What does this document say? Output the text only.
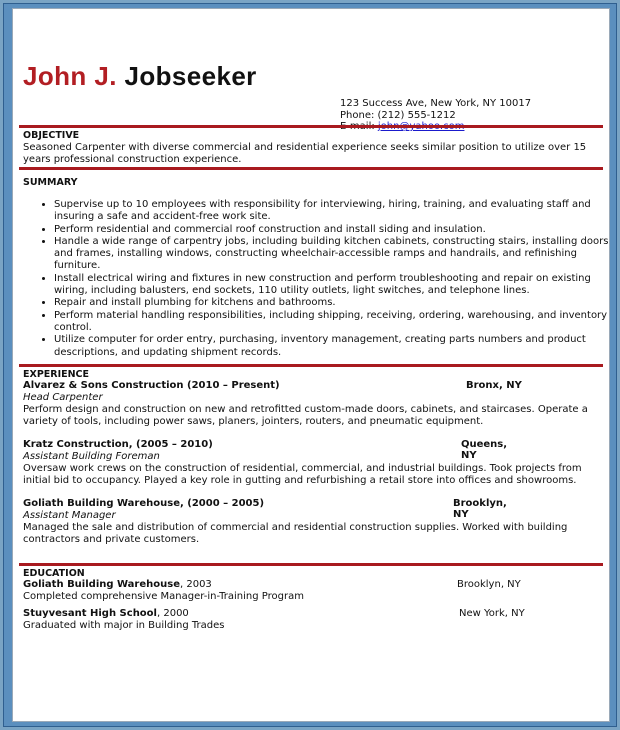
John J. Jobseeker
123 Success Ave, New York, NY 10017
Phone: (212) 555-1212
OBJECTIVE
Seasoned Carpenter with diverse commercial and residential experience seeks similar position to utilize over 15 years professional construction experience.
SUMMARY
• Supervise up to 10 employees with responsibility for interviewing, hiring, training, and evaluating staff and insuring a safe and accident-free work site.
• Perform residential and commercial roof construction and install siding and insulation.
• Handle a wide range of carpentry jobs, including building kitchen cabinets, constructing stairs, installing doors and frames, installing windows, constructing wheelchair-accessible ramps and handrails, and refinishing furniture.
• Install electrical wiring and fixtures in new construction and perform troubleshooting and repair on existing wiring, including balusters, end sockets, 110 utility outlets, light switches, and telephone lines.
• Repair and install plumbing for kitchens and bathrooms.
• Perform material handling responsibilities, including shipping, receiving, ordering, warehousing, and inventory control.
• Utilize computer for order entry, purchasing, inventory management, creating parts numbers and product descriptions, and updating shipment records.
EXPERIENCE
Alvarez & Sons Construction (2010 – Present)	Bronx, NY
Head Carpenter
Perform design and construction on new and retrofitted custom-made doors, cabinets, and staircases. Operate a variety of tools, including power saws, planers, jointers, routers, and pneumatic equipment.
Kratz Construction, (2005 – 2010)	Queens, NY
Assistant Building Foreman
Oversaw work crews on the construction of residential, commercial, and industrial buildings. Took projects from initial bid to occupancy. Played a key role in gutting and refurbishing a retail store into offices and showrooms.
Goliath Building Warehouse, (2000 – 2005)	Brooklyn, NY
Assistant Manager
Managed the sale and distribution of commercial and residential construction supplies. Worked with building contractors and private customers.
EDUCATION
Goliath Building Warehouse, 2003	Brooklyn, NY
Completed comprehensive Manager-in-Training Program
Stuyvesant High School, 2000	New York, NY
Graduated with major in Building Trades
